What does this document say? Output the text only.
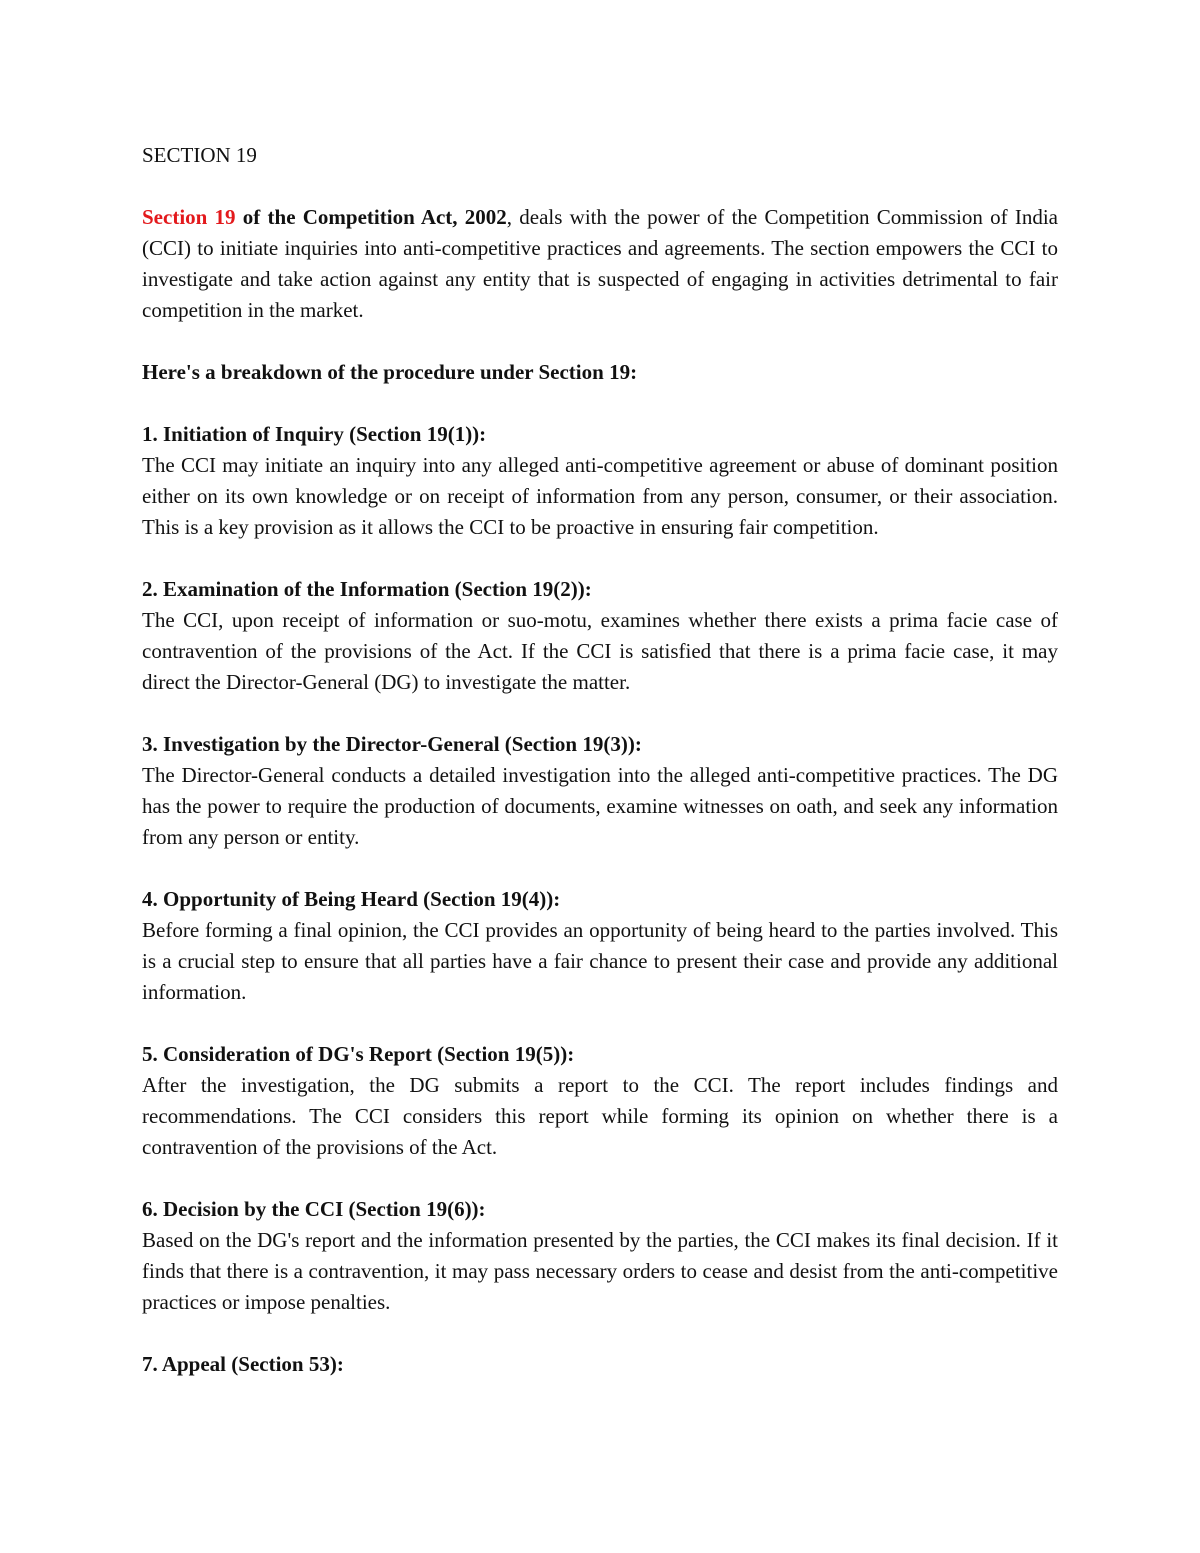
SECTION 19

Section 19 of the Competition Act, 2002, deals with the power of the Competition Commission of India (CCI) to initiate inquiries into anti-competitive practices and agreements. The section empowers the CCI to investigate and take action against any entity that is suspected of engaging in activities detrimental to fair competition in the market.

Here's a breakdown of the procedure under Section 19:

1. Initiation of Inquiry (Section 19(1)):

The CCI may initiate an inquiry into any alleged anti-competitive agreement or abuse of dominant position either on its own knowledge or on receipt of information from any person, consumer, or their association. This is a key provision as it allows the CCI to be proactive in ensuring fair competition.

2. Examination of the Information (Section 19(2)):

The CCI, upon receipt of information or suo-motu, examines whether there exists a prima facie case of contravention of the provisions of the Act. If the CCI is satisfied that there is a prima facie case, it may direct the Director-General (DG) to investigate the matter.

3. Investigation by the Director-General (Section 19(3)):

The Director-General conducts a detailed investigation into the alleged anti-competitive practices. The DG has the power to require the production of documents, examine witnesses on oath, and seek any information from any person or entity.

4. Opportunity of Being Heard (Section 19(4)):

Before forming a final opinion, the CCI provides an opportunity of being heard to the parties involved. This is a crucial step to ensure that all parties have a fair chance to present their case and provide any additional information.

5. Consideration of DG's Report (Section 19(5)):

After the investigation, the DG submits a report to the CCI. The report includes findings and recommendations. The CCI considers this report while forming its opinion on whether there is a contravention of the provisions of the Act.

6. Decision by the CCI (Section 19(6)):

Based on the DG's report and the information presented by the parties, the CCI makes its final decision. If it finds that there is a contravention, it may pass necessary orders to cease and desist from the anti-competitive practices or impose penalties.

7. Appeal (Section 53):
